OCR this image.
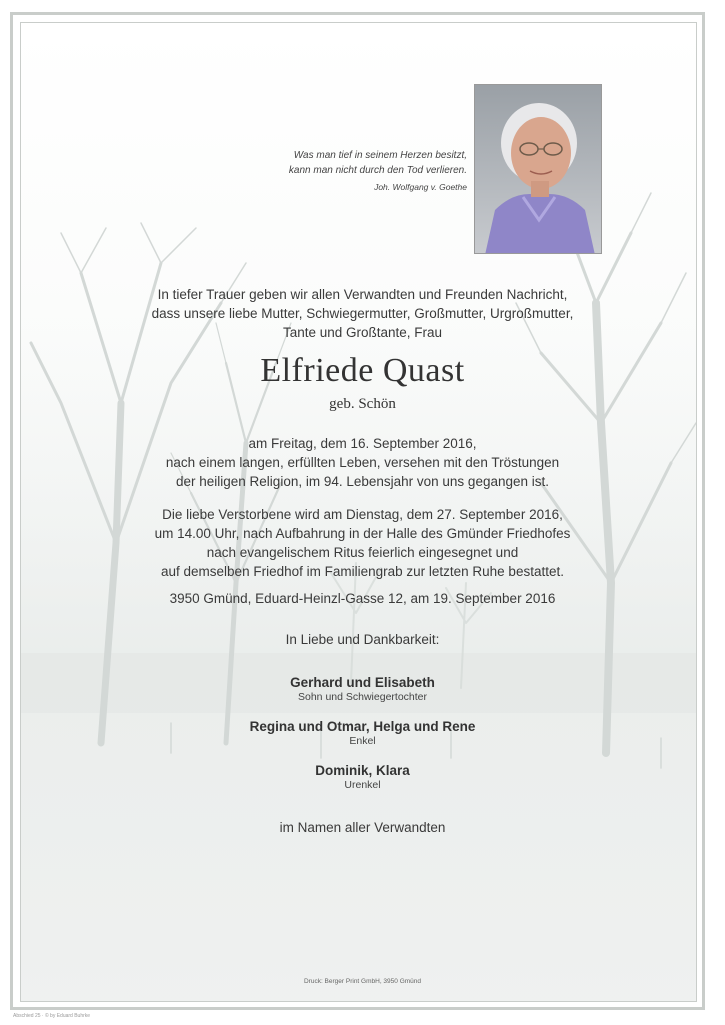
Was man tief in seinem Herzen besitzt,
kann man nicht durch den Tod verlieren.
Joh. Wolfgang v. Goethe
In tiefer Trauer geben wir allen Verwandten und Freunden Nachricht,
dass unsere liebe Mutter, Schwiegermutter, Großmutter, Urgroßmutter,
Tante und Großtante, Frau
Elfriede Quast
geb. Schön
am Freitag, dem 16. September 2016,
nach einem langen, erfüllten Leben, versehen mit den Tröstungen
der heiligen Religion, im 94. Lebensjahr von uns gegangen ist.
Die liebe Verstorbene wird am Dienstag, dem 27. September 2016,
um 14.00 Uhr, nach Aufbahrung in der Halle des Gmünder Friedhofes
nach evangelischem Ritus feierlich eingesegnet und
auf demselben Friedhof im Familiengrab zur letzten Ruhe bestattet.
3950 Gmünd, Eduard-Heinzl-Gasse 12, am 19. September 2016
In Liebe und Dankbarkeit:
Gerhard und Elisabeth
Sohn und Schwiegertochter
Regina und Otmar, Helga und Rene
Enkel
Dominik, Klara
Urenkel
im Namen aller Verwandten
Druck: Berger Print GmbH, 3950 Gmünd
Abschied 25 · © by Eduard Buhrke
